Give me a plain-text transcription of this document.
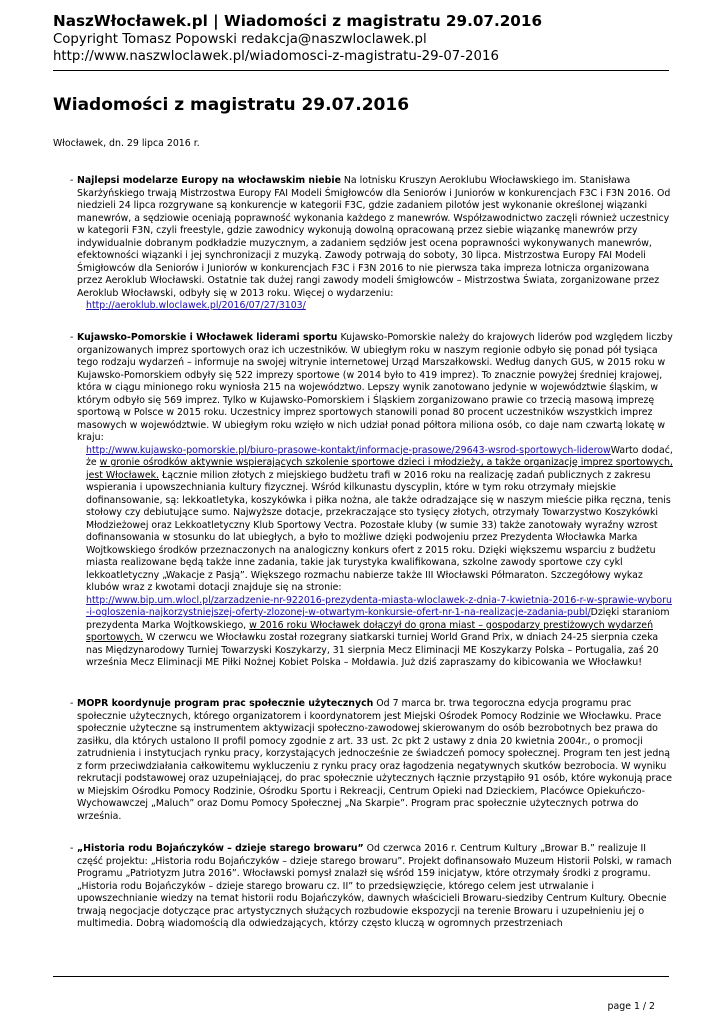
NaszWłocławek.pl | Wiadomości z magistratu 29.07.2016
Copyright Tomasz Popowski redakcja@naszwloclawek.pl
http://www.naszwloclawek.pl/wiadomosci-z-magistratu-29-07-2016
Wiadomości z magistratu 29.07.2016
Włocławek, dn. 29 lipca 2016 r.
- Najlepsi modelarze Europy na włocławskim niebie Na lotnisku Kruszyn Aeroklubu Włocławskiego im. Stanisława Skarżyńskiego trwają Mistrzostwa Europy FAI Modeli Śmigłowców dla Seniorów i Juniorów w konkurencjach F3C i F3N 2016. Od niedzieli 24 lipca rozgrywane są konkurencje w kategorii F3C, gdzie zadaniem pilotów jest wykonanie określonej wiązanki manewrów, a sędziowie oceniają poprawność wykonania każdego z manewrów. Współzawodnictwo zaczęli również uczestnicy w kategorii F3N, czyli freestyle, gdzie zawodnicy wykonują dowolną opracowaną przez siebie wiązankę manewrów przy indywidualnie dobranym podkładzie muzycznym, a zadaniem sędziów jest ocena poprawności wykonywanych manewrów, efektowności wiązanki i jej synchronizacji z muzyką. Zawody potrwają do soboty, 30 lipca. Mistrzostwa Europy FAI Modeli Śmigłowców dla Seniorów i Juniorów w konkurencjach F3C i F3N 2016 to nie pierwsza taka impreza lotnicza organizowana przez Aeroklub Włocławski. Ostatnie tak dużej rangi zawody modeli śmigłowców – Mistrzostwa Świata, zorganizowane przez Aeroklub Włocławski, odbyły się w 2013 roku. Więcej o wydarzeniu:
http://aeroklub.wloclawek.pl/2016/07/27/3103/
- Kujawsko-Pomorskie i Włocławek liderami sportu Kujawsko-Pomorskie należy do krajowych liderów pod względem liczby organizowanych imprez sportowych oraz ich uczestników. W ubiegłym roku w naszym regionie odbyło się ponad pół tysiąca tego rodzaju wydarzeń – informuje na swojej witrynie internetowej Urząd Marszałkowski. Według danych GUS, w 2015 roku w Kujawsko-Pomorskiem odbyły się 522 imprezy sportowe (w 2014 było to 419 imprez). To znacznie powyżej średniej krajowej, która w ciągu minionego roku wyniosła 215 na województwo. Lepszy wynik zanotowano jedynie w województwie śląskim, w którym odbyło się 569 imprez. Tylko w Kujawsko-Pomorskiem i Śląskiem zorganizowano prawie co trzecią masową imprezę sportową w Polsce w 2015 roku. Uczestnicy imprez sportowych stanowili ponad 80 procent uczestników wszystkich imprez masowych w województwie. W ubiegłym roku wzięło w nich udział ponad półtora miliona osób, co daje nam czwartą lokatę w kraju:
http://www.kujawsko-pomorskie.pl/biuro-prasowe-kontakt/informacje-prasowe/29643-wsrod-sportowych-liderowWarto dodać, że w gronie ośrodków aktywnie wspierających szkolenie sportowe dzieci i młodzieży, a także organizację imprez sportowych, jest Włocławek. Łącznie milion złotych z miejskiego budżetu trafi w 2016 roku na realizację zadań publicznych z zakresu wspierania i upowszechniania kultury fizycznej. Wśród kilkunastu dyscyplin, które w tym roku otrzymały miejskie dofinansowanie, są: lekkoatletyka, koszykówka i piłka nożna, ale także odradzające się w naszym mieście piłka ręczna, tenis stołowy czy debiutujące sumo. Najwyższe dotacje, przekraczające sto tysięcy złotych, otrzymały Towarzystwo Koszykówki Młodzieżowej oraz Lekkoatletyczny Klub Sportowy Vectra. Pozostałe kluby (w sumie 33) także zanotowały wyraźny wzrost dofinansowania w stosunku do lat ubiegłych, a było to możliwe dzięki podwojeniu przez Prezydenta Włocławka Marka Wojtkowskiego środków przeznaczonych na analogiczny konkurs ofert z 2015 roku. Dzięki większemu wsparciu z budżetu miasta realizowane będą także inne zadania, takie jak turystyka kwalifikowana, szkolne zawody sportowe czy cykl lekkoatletyczny „Wakacje z Pasją”. Większego rozmachu nabierze także III Włocławski Półmaraton. Szczegółowy wykaz klubów wraz z kwotami dotacji znajduje się na stronie:
http://www.bip.um.wlocl.pl/zarzadzenie-nr-922016-prezydenta-miasta-wloclawek-z-dnia-7-kwietnia-2016-r-w-sprawie-wyboru-i-ogloszenia-najkorzystniejszej-oferty-zlozonej-w-otwartym-konkursie-ofert-nr-1-na-realizacje-zadania-publ/Dzięki staraniom prezydenta Marka Wojtkowskiego, w 2016 roku Włocławek dołączył do grona miast – gospodarzy prestiżowych wydarzeń sportowych. W czerwcu we Włocławku został rozegrany siatkarski turniej World Grand Prix, w dniach 24-25 sierpnia czeka nas Międzynarodowy Turniej Towarzyski Koszykarzy, 31 sierpnia Mecz Eliminacji ME Koszykarzy Polska – Portugalia, zaś 20 września Mecz Eliminacji ME Piłki Nożnej Kobiet Polska – Mołdawia. Już dziś zapraszamy do kibicowania we Włocławku!
- MOPR koordynuje program prac społecznie użytecznych Od 7 marca br. trwa tegoroczna edycja programu prac społecznie użytecznych, którego organizatorem i koordynatorem jest Miejski Ośrodek Pomocy Rodzinie we Włocławku. Prace społecznie użyteczne są instrumentem aktywizacji społeczno-zawodowej skierowanym do osób bezrobotnych bez prawa do zasiłku, dla których ustalono II profil pomocy zgodnie z art. 33 ust. 2c pkt 2 ustawy z dnia 20 kwietnia 2004r., o promocji zatrudnienia i instytucjach rynku pracy, korzystających jednocześnie ze świadczeń pomocy społecznej. Program ten jest jedną z form przeciwdziałania całkowitemu wykluczeniu z rynku pracy oraz łagodzenia negatywnych skutków bezrobocia. W wyniku rekrutacji podstawowej oraz uzupełniającej, do prac społecznie użytecznych łącznie przystąpiło 91 osób, które wykonują prace w Miejskim Ośrodku Pomocy Rodzinie, Ośrodku Sportu i Rekreacji, Centrum Opieki nad Dzieckiem, Placówce Opiekuńczo-Wychowawczej „Maluch” oraz Domu Pomocy Społecznej „Na Skarpie”. Program prac społecznie użytecznych potrwa do września.
- „Historia rodu Bojańczyków – dzieje starego browaru” Od czerwca 2016 r. Centrum Kultury „Browar B.” realizuje II część projektu: „Historia rodu Bojańczyków – dzieje starego browaru”. Projekt dofinansowało Muzeum Historii Polski, w ramach Programu „Patriotyzm Jutra 2016”. Włocławski pomysł znalazł się wśród 159 inicjatyw, które otrzymały środki z programu. „Historia rodu Bojańczyków – dzieje starego browaru cz. II” to przedsięwzięcie, którego celem jest utrwalanie i upowszechnianie wiedzy na temat historii rodu Bojańczyków, dawnych właścicieli Browaru-siedziby Centrum Kultury. Obecnie trwają negocjacje dotyczące prac artystycznych służących rozbudowie ekspozycji na terenie Browaru i uzupełnieniu jej o multimedia. Dobrą wiadomością dla odwiedzających, którzy często kluczą w ogromnych przestrzeniach
page 1 / 2
